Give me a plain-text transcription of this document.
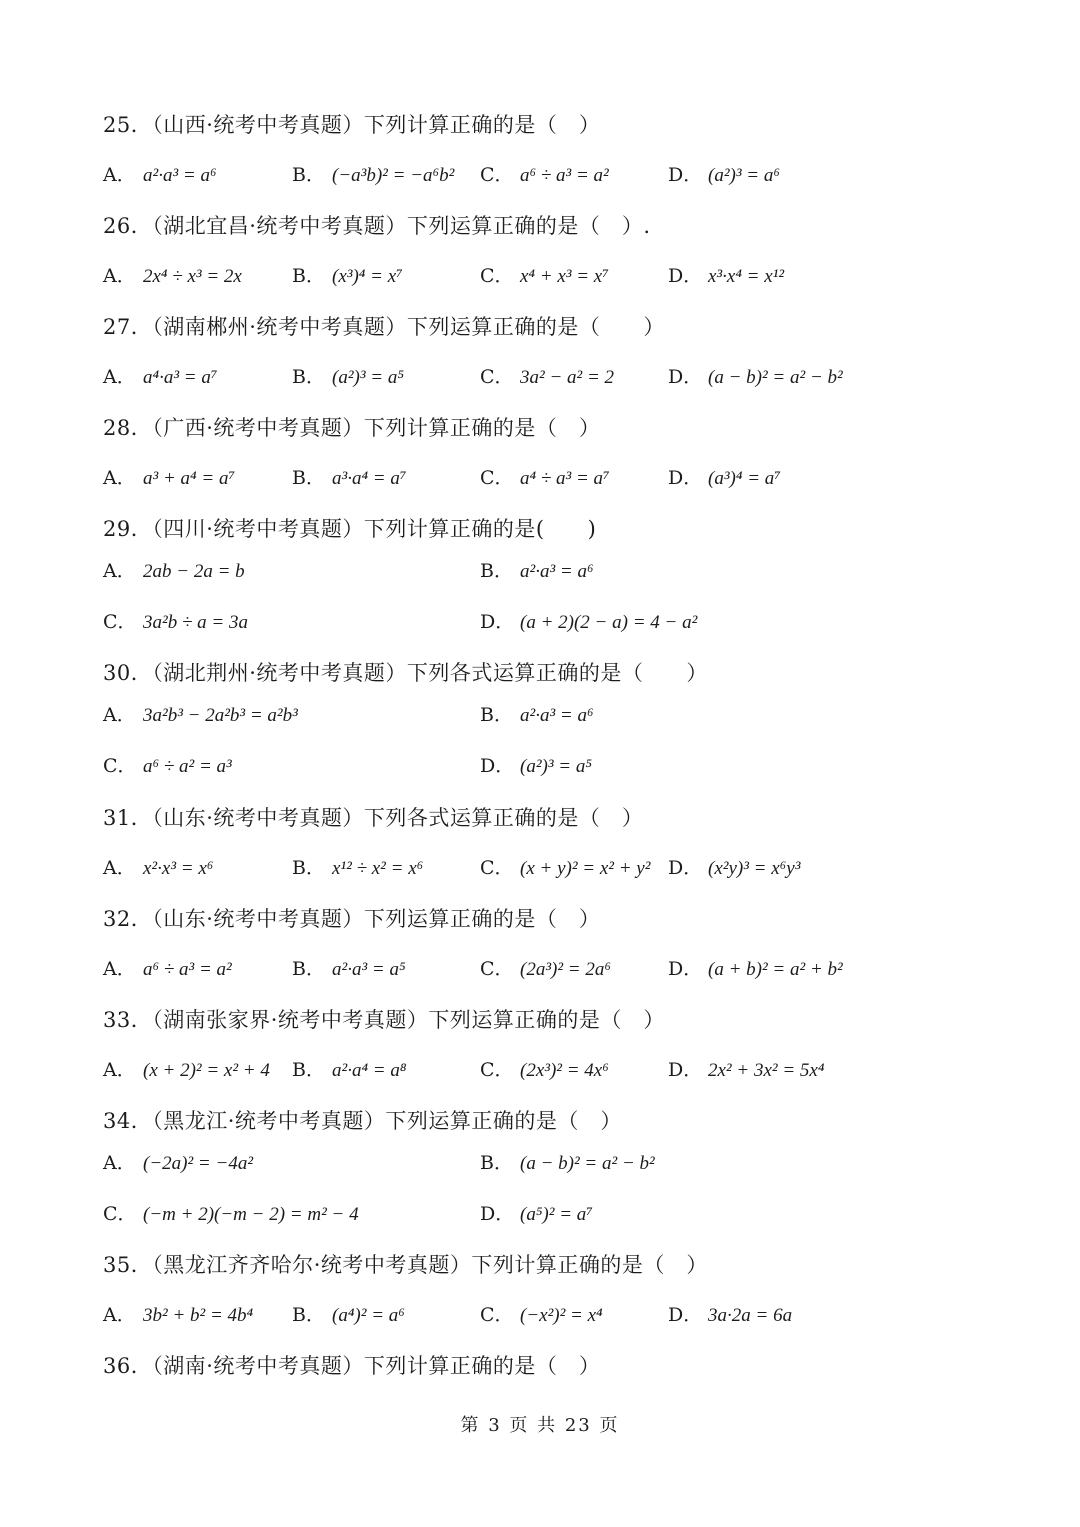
25．（山西·统考中考真题）下列计算正确的是（　）
A． a²·a³ = a⁶	B． (−a³b)² = −a⁶b² C． a⁶ ÷ a³ = a²	D． (a²)³ = a⁶
26．（湖北宜昌·统考中考真题）下列运算正确的是（　）.
A． 2x⁴ ÷ x³ = 2x	B． (x³)⁴ = x⁷	C． x⁴ + x³ = x⁷	D． x³·x⁴ = x¹²
27．（湖南郴州·统考中考真题）下列运算正确的是（　　）
A． a⁴·a³ = a⁷	B． (a²)³ = a⁵	C． 3a² − a² = 2	D． (a − b)² = a² − b²
28．（广西·统考中考真题）下列计算正确的是（　）
A． a³ + a⁴ = a⁷	B． a³·a⁴ = a⁷	C． a⁴ ÷ a³ = a⁷	D． (a³)⁴ = a⁷
29．（四川·统考中考真题）下列计算正确的是(　　)
A． 2ab − 2a = b	B． a²·a³ = a⁶
C． 3a²b ÷ a = 3a	D． (a + 2)(2 − a) = 4 − a²
30．（湖北荆州·统考中考真题）下列各式运算正确的是（　　）
A． 3a²b³ − 2a²b³ = a²b³	B． a²·a³ = a⁶
C． a⁶ ÷ a² = a³	D． (a²)³ = a⁵
31．（山东·统考中考真题）下列各式运算正确的是（　）
A． x²·x³ = x⁶	B． x¹² ÷ x² = x⁶	C． (x + y)² = x² + y² D． (x²y)³ = x⁶y³
32．（山东·统考中考真题）下列运算正确的是（　）
A． a⁶ ÷ a³ = a²	B． a²·a³ = a⁵	C． (2a³)² = 2a⁶	D． (a + b)² = a² + b²
33．（湖南张家界·统考中考真题）下列运算正确的是（　）
A． (x + 2)² = x² + 4 B． a²·a⁴ = a⁸	C． (2x³)² = 4x⁶	D． 2x² + 3x² = 5x⁴
34．（黑龙江·统考中考真题）下列运算正确的是（　）
A． (−2a)² = −4a²	B． (a − b)² = a² − b²
C． (−m + 2)(−m − 2) = m² − 4	D． (a⁵)² = a⁷
35．（黑龙江齐齐哈尔·统考中考真题）下列计算正确的是（　）
A． 3b² + b² = 4b⁴ B． (a⁴)² = a⁶	C． (−x²)² = x⁴	D． 3a·2a = 6a
36．（湖南·统考中考真题）下列计算正确的是（　）
第 3 页 共 23 页
